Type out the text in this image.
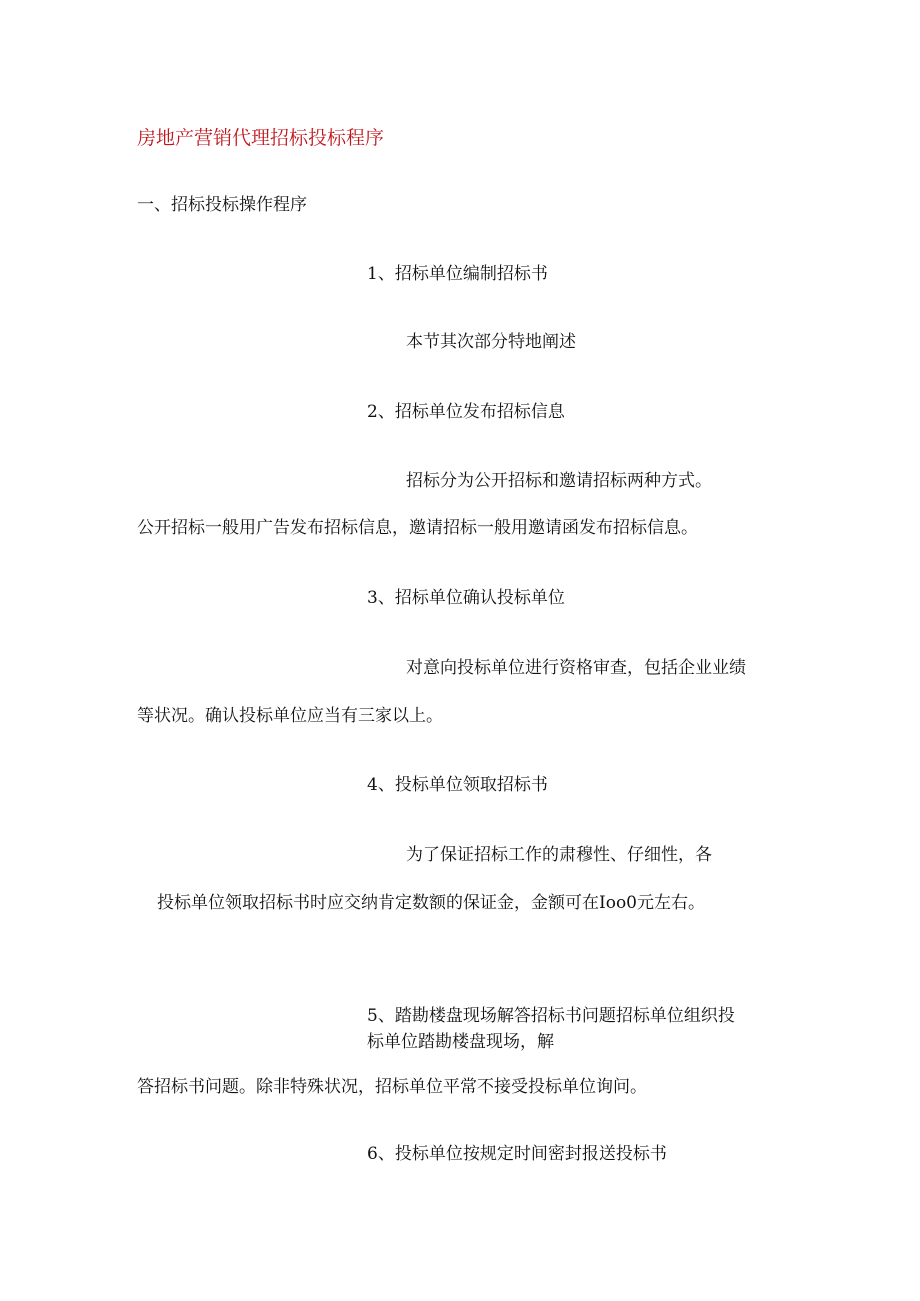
房地产营销代理招标投标程序

一、招标投标操作程序

1、招标单位编制招标书

本节其次部分特地阐述

2、招标单位发布招标信息

招标分为公开招标和邀请招标两种方式。

公开招标一般用广告发布招标信息，邀请招标一般用邀请函发布招标信息。

3、招标单位确认投标单位

对意向投标单位进行资格审查，包括企业业绩

等状况。确认投标单位应当有三家以上。

4、投标单位领取招标书

为了保证招标工作的肃穆性、仔细性，各

投标单位领取招标书时应交纳肯定数额的保证金，金额可在Ioo0元左右。

5、踏勘楼盘现场解答招标书问题招标单位组织投

标单位踏勘楼盘现场，解

答招标书问题。除非特殊状况，招标单位平常不接受投标单位询问。

6、投标单位按规定时间密封报送投标书
